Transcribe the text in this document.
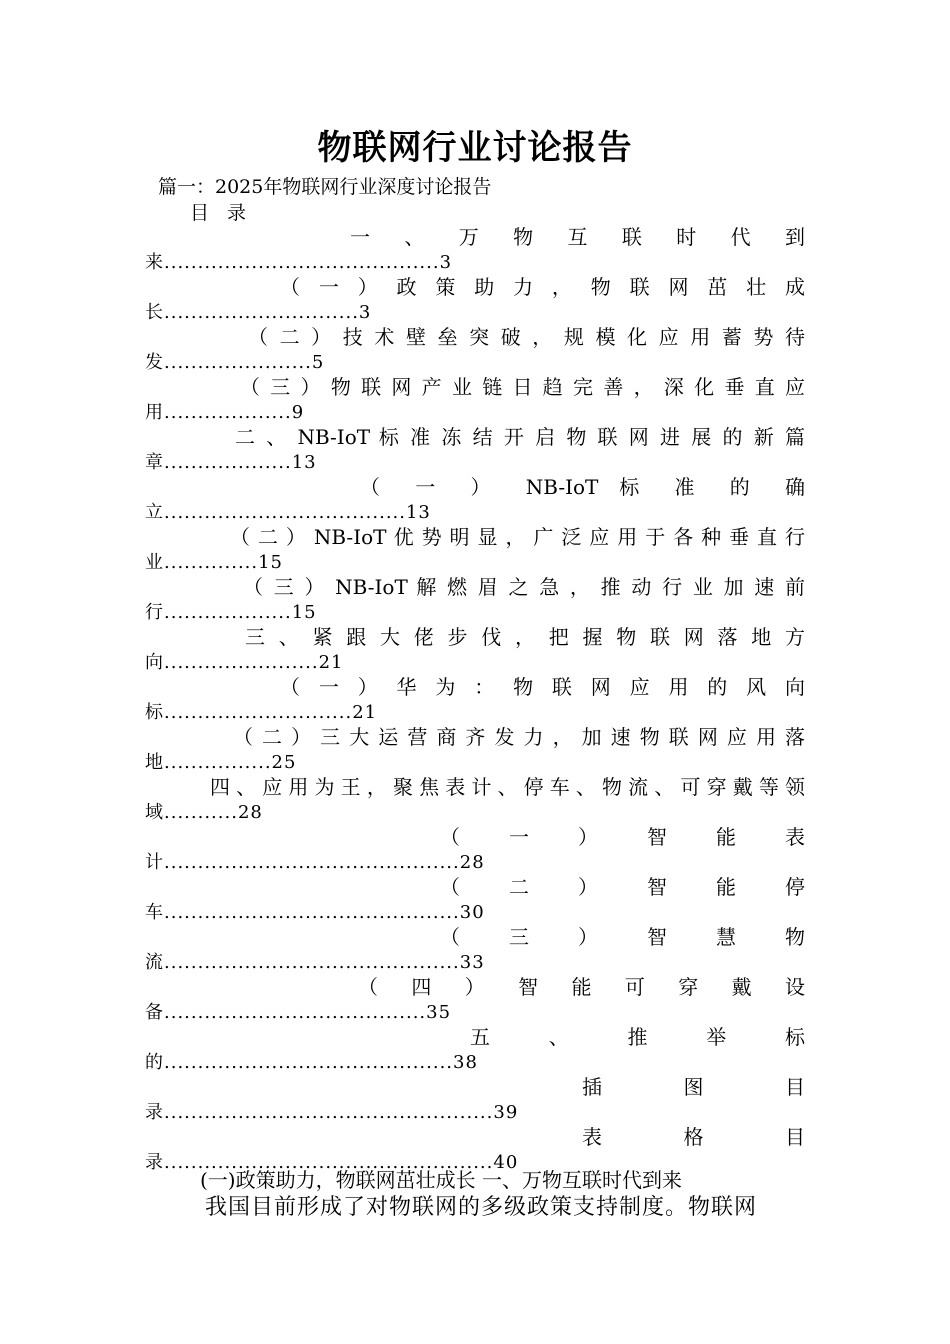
物联网行业讨论报告
篇一：2025年物联网行业深度讨论报告
目 录
一 、 万 物 互 联 时 代 到
来.........................................3
（ 一 ） 政 策 助 力 ， 物 联 网 茁 壮 成
长.............................3
（ 二 ） 技 术 壁 垒 突 破 ， 规 模 化 应 用 蓄 势 待
发......................5
（ 三 ） 物 联 网 产 业 链 日 趋 完 善 ， 深 化 垂 直 应
用...................9
二 、 NB-IoT 标 准 冻 结 开 启 物 联 网 进 展 的 新 篇
章...................13
（ 一 ） NB-IoT 标 准 的 确
立....................................13
（ 二 ） NB-IoT 优 势 明 显 ， 广 泛 应 用 于 各 种 垂 直 行
业..............15
（ 三 ） NB-IoT 解 燃 眉 之 急 ， 推 动 行 业 加 速 前
行...................15
三 、 紧 跟 大 佬 步 伐 ， 把 握 物 联 网 落 地 方
向.......................21
（ 一 ） 华 为 ： 物 联 网 应 用 的 风 向
标............................21
（ 二 ） 三 大 运 营 商 齐 发 力 ， 加 速 物 联 网 应 用 落
地................25
四、应用为王，聚焦表计、停车、物流、可穿戴等领
域...........28
（ 一 ） 智 能 表
计............................................28
（ 二 ） 智 能 停
车............................................30
（ 三 ） 智 慧 物
流............................................33
（ 四 ） 智 能 可 穿 戴 设
备.......................................35
五 、 推 举 标
的...........................................38
插 图 目
录.................................................39
表 格 目
录.................................................40
(一)政策助力，物联网茁壮成长 一、万物互联时代到来
我国目前形成了对物联网的多级政策支持制度。物联网
